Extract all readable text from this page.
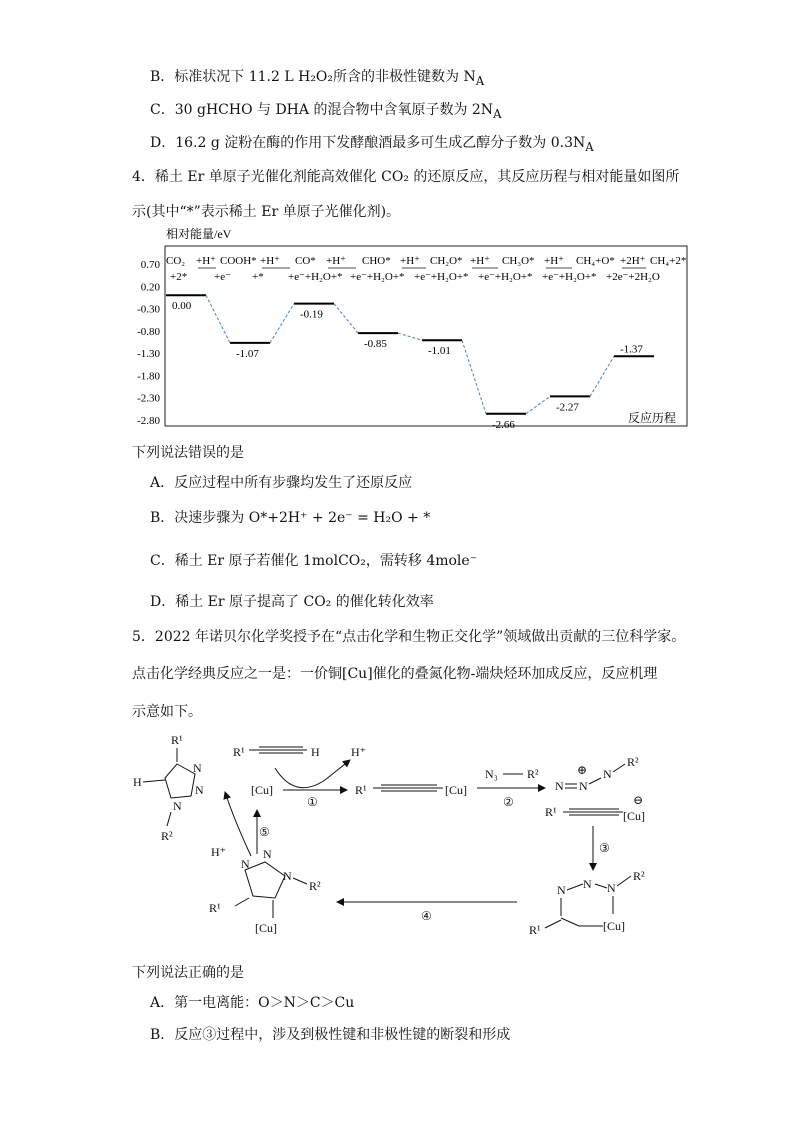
B．标准状况下 11.2 L H₂O₂所含的非极性键数为 $N_A$
C．30 gHCHO 与 DHA 的混合物中含氧原子数为 $2N_A$
D．16.2 g 淀粉在酶的作用下发酵酿酒最多可生成乙醇分子数为 $0.3N_A$
4．稀土 Er 单原子光催化剂能高效催化 CO₂ 的还原反应，其反应历程与相对能量如图所
示(其中“*”表示稀土 Er 单原子光催化剂)。
相对能量/eV
0.70
0.20
-0.30
-0.80
-1.30
-1.80
-2.30
-2.80
CO₂ +H⁺ COOH* +H⁺ CO* +H⁺ CHO* +H⁺ CH₂O* +H⁺ CH₃O* +H⁺ CH₄+O* +2H⁺ CH₄+2*
+2* +e⁻ +* +e⁻+H₂O+* +e⁻+H₂O+* +e⁻+H₂O+* +e⁻+H₂O+* +e⁻+H₂O+* +2e⁻+2H₂O
0.00
-1.07
-0.19
-0.85
-1.01
-2.66
-2.27
-1.37
反应历程
下列说法错误的是
A．反应过程中所有步骤均发生了还原反应
B．决速步骤为 O*+2H⁺ + 2e⁻ = H₂O + *
C．稀土 Er 原子若催化 1molCO₂，需转移 4mole⁻
D．稀土 Er 原子提高了 CO₂ 的催化转化效率
5．2022 年诺贝尔化学奖授予在“点击化学和生物正交化学”领域做出贡献的三位科学家。
点击化学经典反应之一是：一价铜[Cu]催化的叠氮化物-端炔烃环加成反应，反应机理
示意如下。
R¹
N
N
N
H
R²
[Cu]
R¹	H	H⁺
①
R¹	[Cu]
N₃ R²
②
N N
⊕ N
R²
R¹	[Cu]
⊖
③
N N N
R²
[Cu]
R¹
④
N
N
N
R²
R¹
[Cu]
⑤
H⁺
下列说法正确的是
A．第一电离能：O＞N＞C＞Cu
B．反应③过程中，涉及到极性键和非极性键的断裂和形成
